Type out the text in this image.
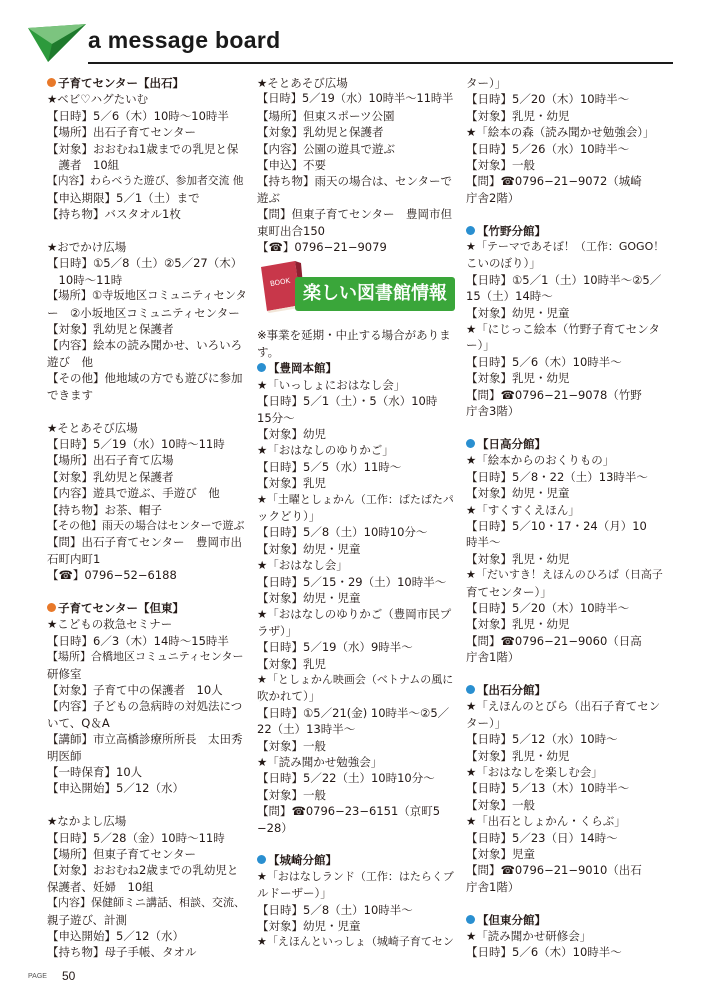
a message board
子育てセンター【出石】
★ベビ♡ハグたいむ
【日時】5／6（木）10時〜10時半
【場所】出石子育てセンター
【対象】おおむね1歳までの乳児と保
　護者　10組
【内容】わらべうた遊び、参加者交流 他
【申込期限】5／1（土）まで
【持ち物】バスタオル1枚
★おでかけ広場
【日時】①5／8（土）②5／27（木）
　10時〜11時
【場所】①寺坂地区コミュニティセンタ
ー　②小坂地区コミュニティセンター
【対象】乳幼児と保護者
【内容】絵本の読み聞かせ、いろいろ
遊び　他
【その他】他地域の方でも遊びに参加
できます
★そとあそび広場
【日時】5／19（水）10時〜11時
【場所】出石子育て広場
【対象】乳幼児と保護者
【内容】遊具で遊ぶ、手遊び　他
【持ち物】お茶、帽子
【その他】雨天の場合はセンターで遊ぶ
【問】出石子育てセンター　豊岡市出
石町内町1
【☎】0796−52−6188
子育てセンター【但東】
★こどもの救急セミナー
【日時】6／3（木）14時〜15時半
【場所】合橋地区コミュニティセンター
研修室
【対象】子育て中の保護者　10人
【内容】子どもの急病時の対処法につ
いて、Q＆A
【講師】市立高橋診療所所長　太田秀
明医師
【一時保育】10人
【申込開始】5／12（水）
★なかよし広場
【日時】5／28（金）10時〜11時
【場所】但東子育てセンター
【対象】おおむね2歳までの乳幼児と
保護者、妊婦　10組
【内容】保健師ミニ講話、相談、交流、
親子遊び、計測
【申込開始】5／12（水）
【持ち物】母子手帳、タオル
★そとあそび広場
【日時】5／19（水）10時半〜11時半
【場所】但東スポーツ公園
【対象】乳幼児と保護者
【内容】公園の遊具で遊ぶ
【申込】不要
【持ち物】雨天の場合は、センターで
遊ぶ
【問】但東子育てセンター　豊岡市但
東町出合150
【☎】0796−21−9079
BOOK
楽しい図書館情報
※事業を延期・中止する場合がありま
す。
【豊岡本館】
★「いっしょにおはなし会」
【日時】5／1（土）・5（水）10時
15分〜
【対象】幼児
★「おはなしのゆりかご」
【日時】5／5（水）11時〜
【対象】乳児
★「土曜としょかん（工作：ぱたぱたパ
ックどり）」
【日時】5／8（土）10時10分〜
【対象】幼児・児童
★「おはなし会」
【日時】5／15・29（土）10時半〜
【対象】幼児・児童
★「おはなしのゆりかご（豊岡市民プ
ラザ）」
【日時】5／19（水）9時半〜
【対象】乳児
★「としょかん映画会（ベトナムの風に
吹かれて）」
【日時】①5／21(金) 10時半〜②5／
22（土）13時半〜
【対象】一般
★「読み聞かせ勉強会」
【日時】5／22（土）10時10分〜
【対象】一般
【問】☎0796−23−6151（京町5
−28）
【城崎分館】
★「おはなしランド（工作：はたらくブ
ルドーザー）」
【日時】5／8（土）10時半〜
【対象】幼児・児童
★「えほんといっしょ（城崎子育てセン
ター）」
【日時】5／20（木）10時半〜
【対象】乳児・幼児
★「絵本の森（読み聞かせ勉強会）」
【日時】5／26（水）10時半〜
【対象】一般
【問】☎0796−21−9072（城崎
庁舎2階）
【竹野分館】
★「テーマであそぼ！（工作：GOGO！
こいのぼり）」
【日時】①5／1（土）10時半〜②5／
15（土）14時〜
【対象】幼児・児童
★「にじっこ絵本（竹野子育てセンタ
ー）」
【日時】5／6（木）10時半〜
【対象】乳児・幼児
【問】☎0796−21−9078（竹野
庁舎3階）
【日高分館】
★「絵本からのおくりもの」
【日時】5／8・22（土）13時半〜
【対象】幼児・児童
★「すくすくえほん」
【日時】5／10・17・24（月）10
時半〜
【対象】乳児・幼児
★「だいすき！えほんのひろば（日高子
育てセンター）」
【日時】5／20（木）10時半〜
【対象】乳児・幼児
【問】☎0796−21−9060（日高
庁舎1階）
【出石分館】
★「えほんのとびら（出石子育てセン
ター）」
【日時】5／12（水）10時〜
【対象】乳児・幼児
★「おはなしを楽しむ会」
【日時】5／13（木）10時半〜
【対象】一般
★「出石としょかん・くらぶ」
【日時】5／23（日）14時〜
【対象】児童
【問】☎0796−21−9010（出石
庁舎1階）
【但東分館】
★「読み聞かせ研修会」
【日時】5／6（木）10時半〜
PAGE 50
